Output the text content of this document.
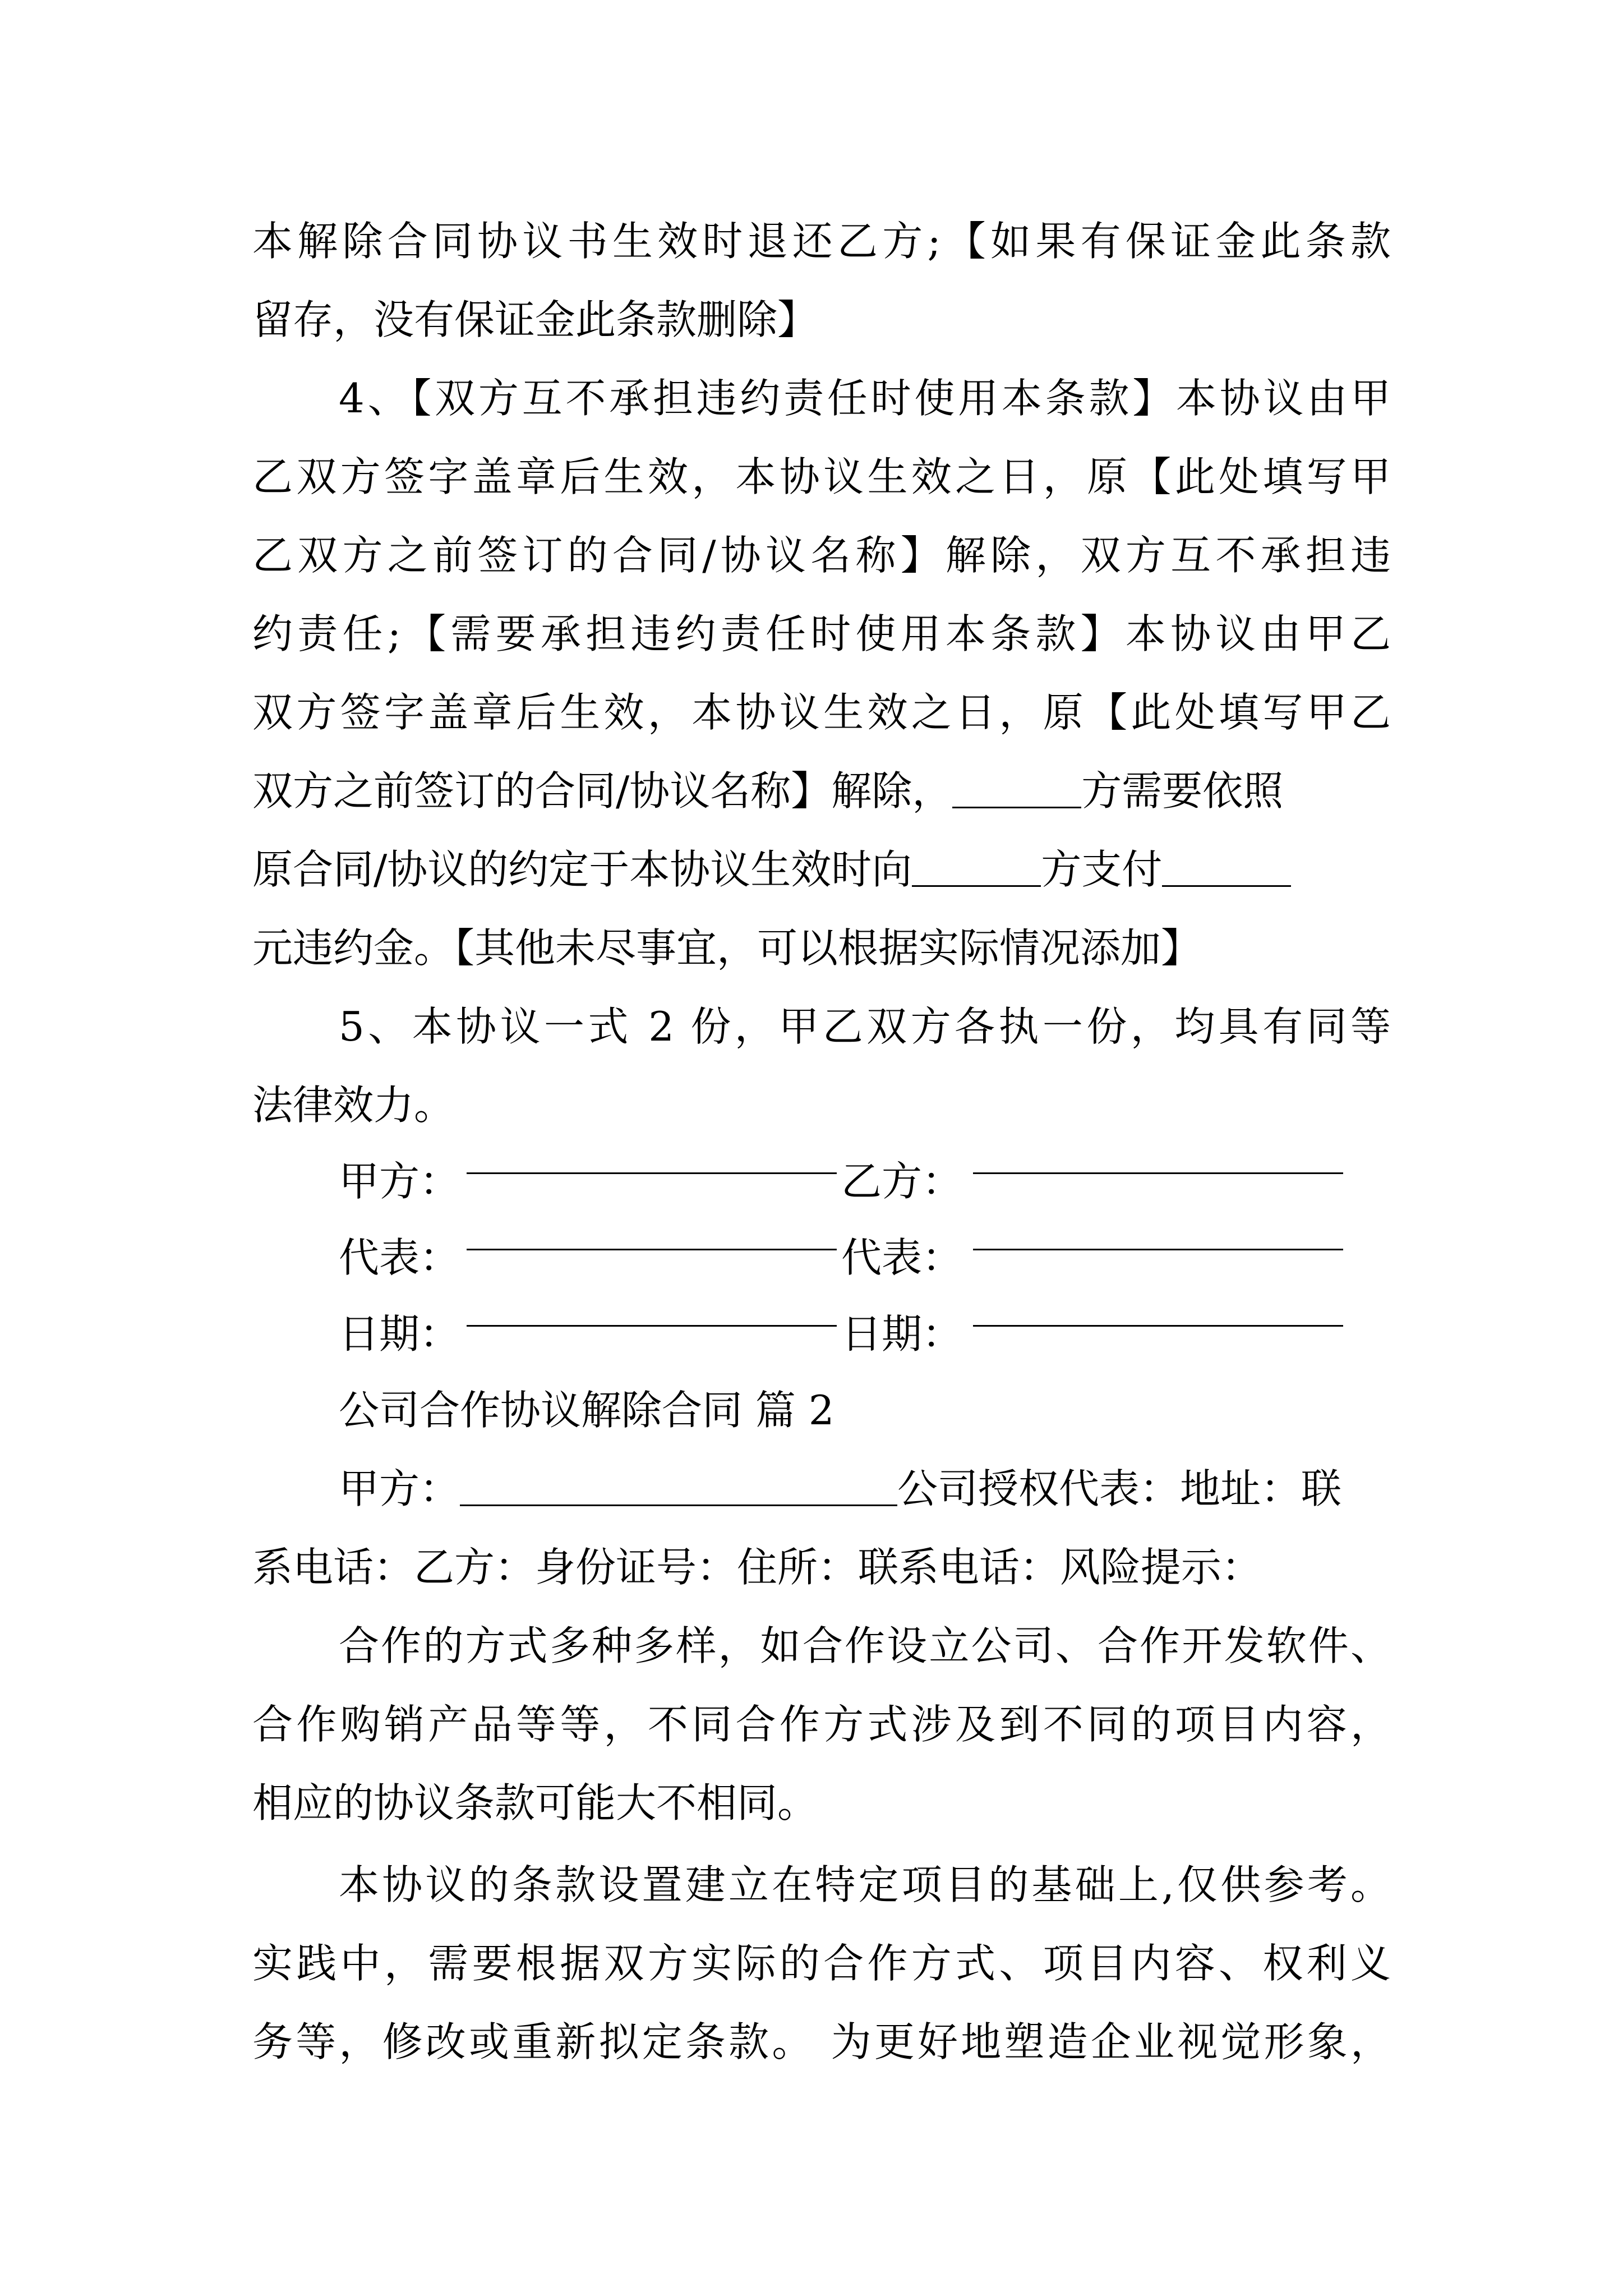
本解除合同协议书生效时退还乙方;【如果有保证金此条款
留存，没有保证金此条款删除】
4、【双方互不承担违约责任时使用本条款】本协议由甲
乙双方签字盖章后生效，本协议生效之日，原【此处填写甲
乙双方之前签订的合同/协议名称】解除，双方互不承担违
约责任;【需要承担违约责任时使用本条款】本协议由甲乙
双方签字盖章后生效，本协议生效之日，原【此处填写甲乙
双方之前签订的合同/协议名称】解除，	方需要依照
原合同/协议的约定于本协议生效时向	方支付
元违约金。【其他未尽事宜，可以根据实际情况添加】
5、本协议一式 2 份，甲乙双方各执一份，均具有同等
法律效力。
甲方：	乙方：
代表：	代表：
日期：	日期：
公司合作协议解除合同 篇 2
甲方：	公司授权代表：地址：联
系电话：乙方：身份证号：住所：联系电话：风险提示：
合作的方式多种多样，如合作设立公司、合作开发软件、
合作购销产品等等，不同合作方式涉及到不同的项目内容，
相应的协议条款可能大不相同。
本协议的条款设置建立在特定项目的基础上,仅供参考。
实践中，需要根据双方实际的合作方式、项目内容、权利义
务等，修改或重新拟定条款。 为更好地塑造企业视觉形象，
